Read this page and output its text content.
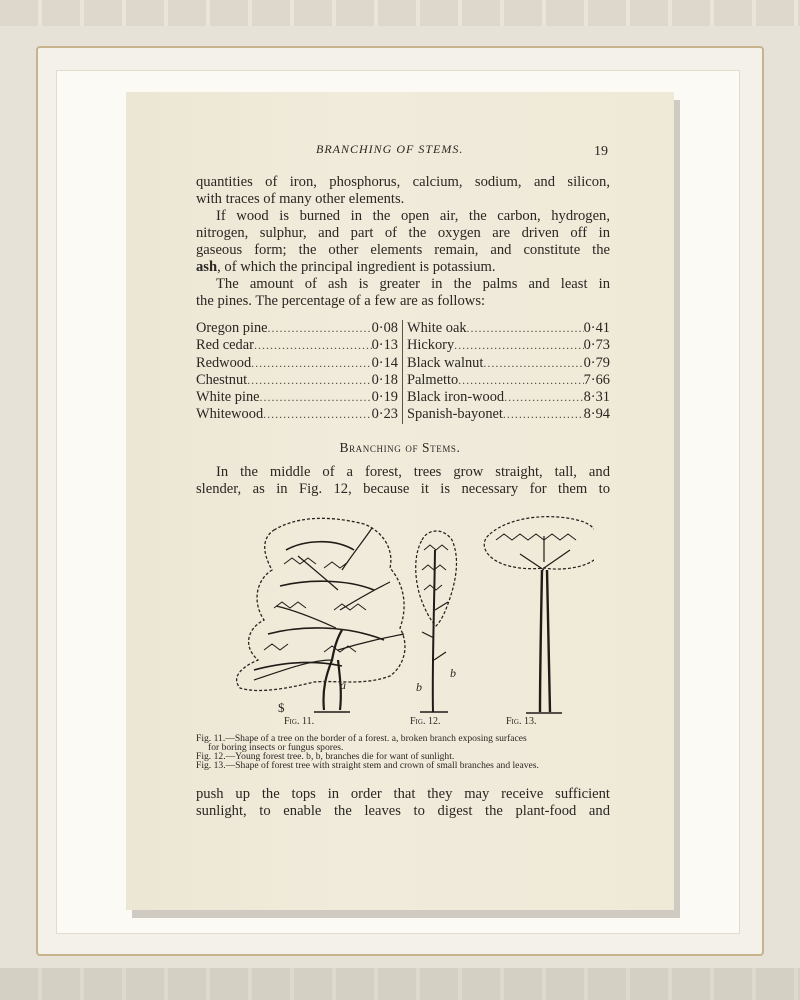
BRANCHING OF STEMS.	19
quantities of iron, phosphorus, calcium, sodium, and silicon,
with traces of many other elements.
If wood is burned in the open air, the carbon, hydrogen,
nitrogen, sulphur, and part of the oxygen are driven off in
gaseous form; the other elements remain, and constitute the
ash, of which the principal ingredient is potassium.
The amount of ash is greater in the palms and least in
the pines. The percentage of a few are as follows:
Oregon pine .....	0·08 White oak .....	0·41
Red cedar .....	0·13 Hickory .....	0·73
Redwood .....	0·14 Black walnut .....	0·79
Chestnut .....	0·18 Palmetto .....	7·66
White pine .....	0·19 Black iron-wood .....	8·31
Whitewood .....	0·23 Spanish-bayonet .....	8·94
Branching of Stems.
In the middle of a forest, trees grow straight, tall, and
slender, as in Fig. 12, because it is necessary for them to
a	b
b
$
Fig. 11.	Fig. 12.	Fig. 13.
Fig. 11.—Shape of a tree on the border of a forest. a, broken branch exposing surfaces
for boring insects or fungus spores.
Fig. 12.—Young forest tree. b, b, branches die for want of sunlight.
Fig. 13.—Shape of forest tree with straight stem and crown of small branches and leaves.
push up the tops in order that they may receive sufficient
sunlight, to enable the leaves to digest the plant-food and
